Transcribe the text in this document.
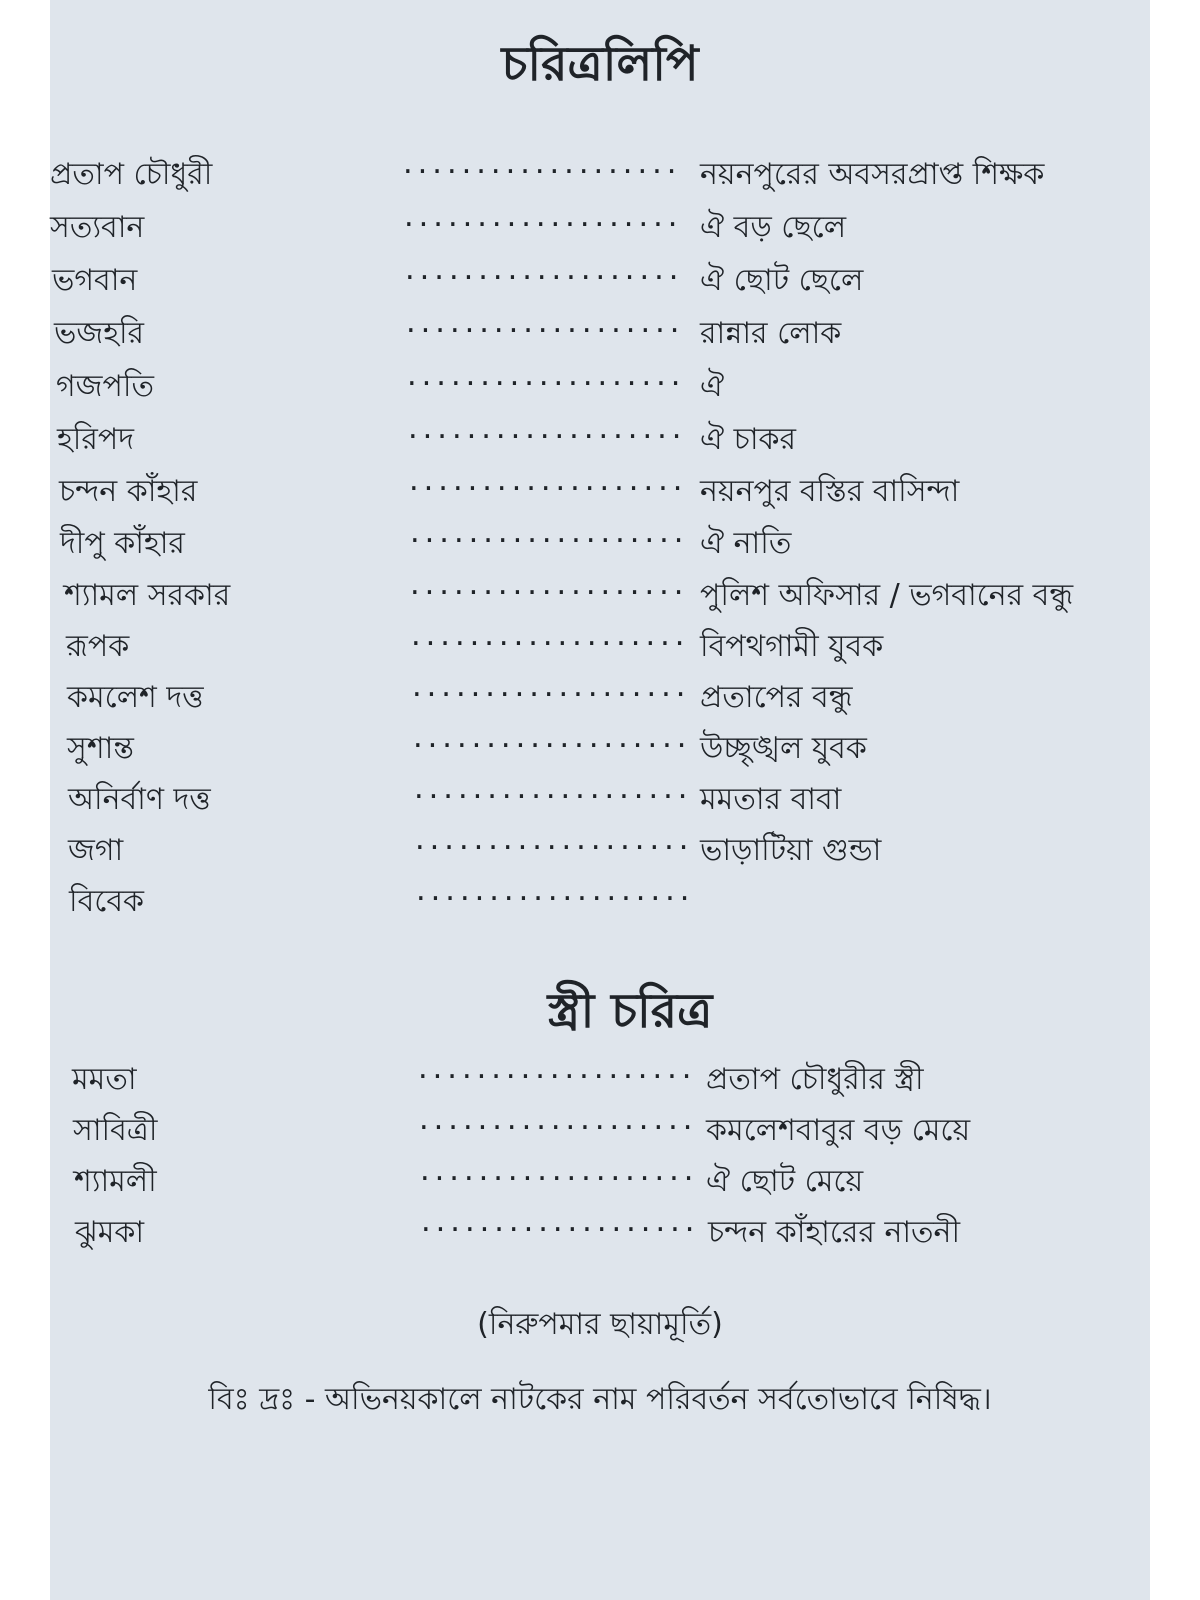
চরিত্রলিপি
প্রতাপ চৌধুরী	................... নয়নপুরের অবসরপ্রাপ্ত শিক্ষক
সত্যবান	................... ঐ বড় ছেলে
ভগবান	................... ঐ ছোট ছেলে
ভজহরি	................... রান্নার লোক
গজপতি	................... ঐ
হরিপদ	................... ঐ চাকর
চন্দন কাঁহার	................... নয়নপুর বস্তির বাসিন্দা
দীপু কাঁহার	................... ঐ নাতি
শ্যামল সরকার	................... পুলিশ অফিসার / ভগবানের বন্ধু
রূপক	................... বিপথগামী যুবক
কমলেশ দত্ত	................... প্রতাপের বন্ধু
সুশান্ত	................... উচ্ছৃঙ্খল যুবক
অনির্বাণ দত্ত	................... মমতার বাবা
জগা	................... ভাড়াটিয়া গুন্ডা
বিবেক	...................
স্ত্রী চরিত্র
মমতা	................... প্রতাপ চৌধুরীর স্ত্রী
সাবিত্রী	................... কমলেশবাবুর বড় মেয়ে
শ্যামলী	................... ঐ ছোট মেয়ে
ঝুমকা	................... চন্দন কাঁহারের নাতনী
(নিরুপমার ছায়ামূর্তি)
বিঃ দ্রঃ - অভিনয়কালে নাটকের নাম পরিবর্তন সর্বতোভাবে নিষিদ্ধ।
